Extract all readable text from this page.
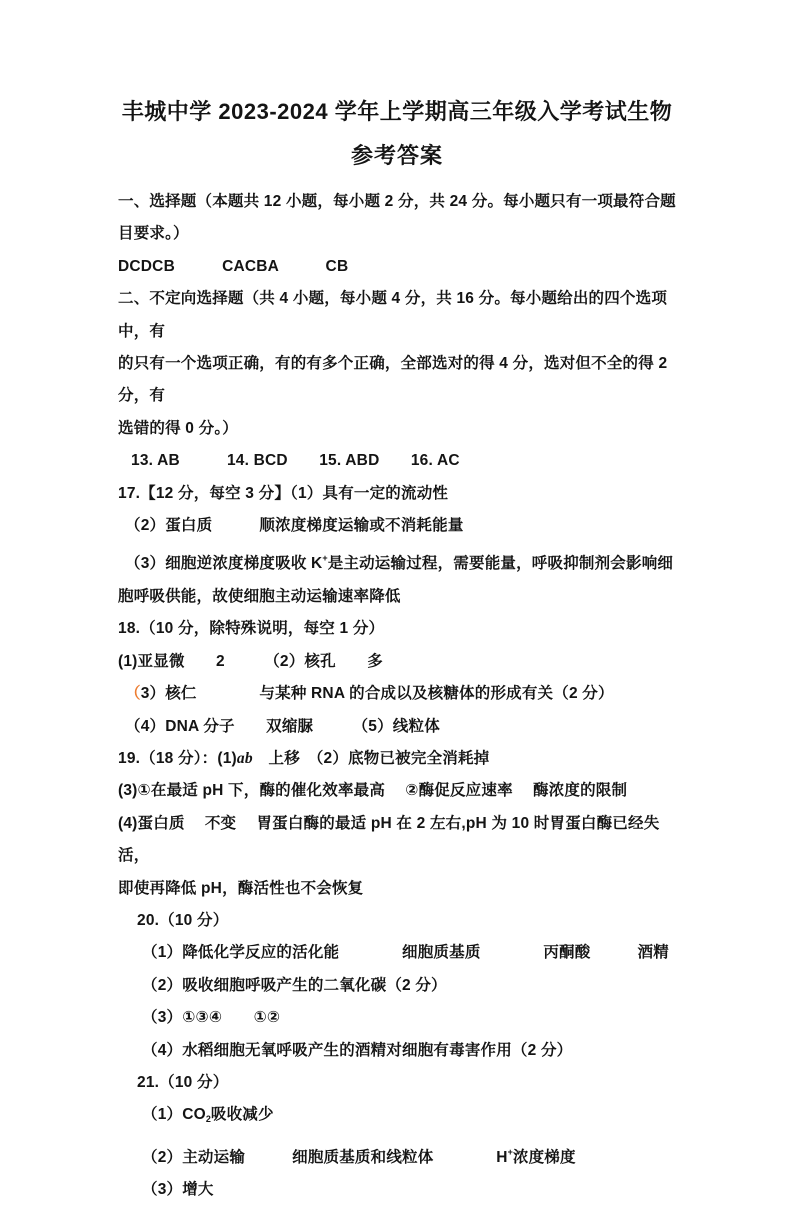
丰城中学 2023-2024 学年上学期高三年级入学考试生物
参考答案

一、选择题（本题共 12 小题，每小题 2 分，共 24 分。每小题只有一项最符合题目要求。）

DCDCB　　　CACBA　　　CB

二、不定向选择题（共 4 小题，每小题 4 分，共 16 分。每小题给出的四个选项中，有

的只有一个选项正确，有的有多个正确，全部选对的得 4 分，选对但不全的得 2 分，有

选错的得 0 分。）

13. AB　　　14. BCD　　15. ABD　　16. AC

17.【12 分，每空 3 分】（1）具有一定的流动性

（2）蛋白质　　　顺浓度梯度运输或不消耗能量

（3）细胞逆浓度梯度吸收 K+是主动运输过程，需要能量，呼吸抑制剂会影响细

胞呼吸供能，故使细胞主动运输速率降低

18.（10 分，除特殊说明，每空 1 分）

(1)亚显微　　2　　　（2）核孔　　多

（3）核仁　　　　与某种 RNA 的合成以及核糖体的形成有关（2 分）

（4）DNA 分子　　双缩脲　　　（5）线粒体

19.（18 分）：(1)ab　上移　（2）底物已被完全消耗掉

(3)①在最适 pH 下，酶的催化效率最高　 ②酶促反应速率　 酶浓度的限制

(4)蛋白质　 不变　 胃蛋白酶的最适 pH 在 2 左右,pH 为 10 时胃蛋白酶已经失活，

即使再降低 pH，酶活性也不会恢复

20.（10 分）

（1）降低化学反应的活化能　　　　细胞质基质　　　　丙酮酸　　　酒精

（2）吸收细胞呼吸产生的二氧化碳（2 分）

（3）①③④　　①②

（4）水稻细胞无氧呼吸产生的酒精对细胞有毒害作用（2 分）

21.（10 分）

$(1)CO_2$吸收减少

（2）主动运输　　　细胞质基质和线粒体　　　　H+浓度梯度

（3）增大
